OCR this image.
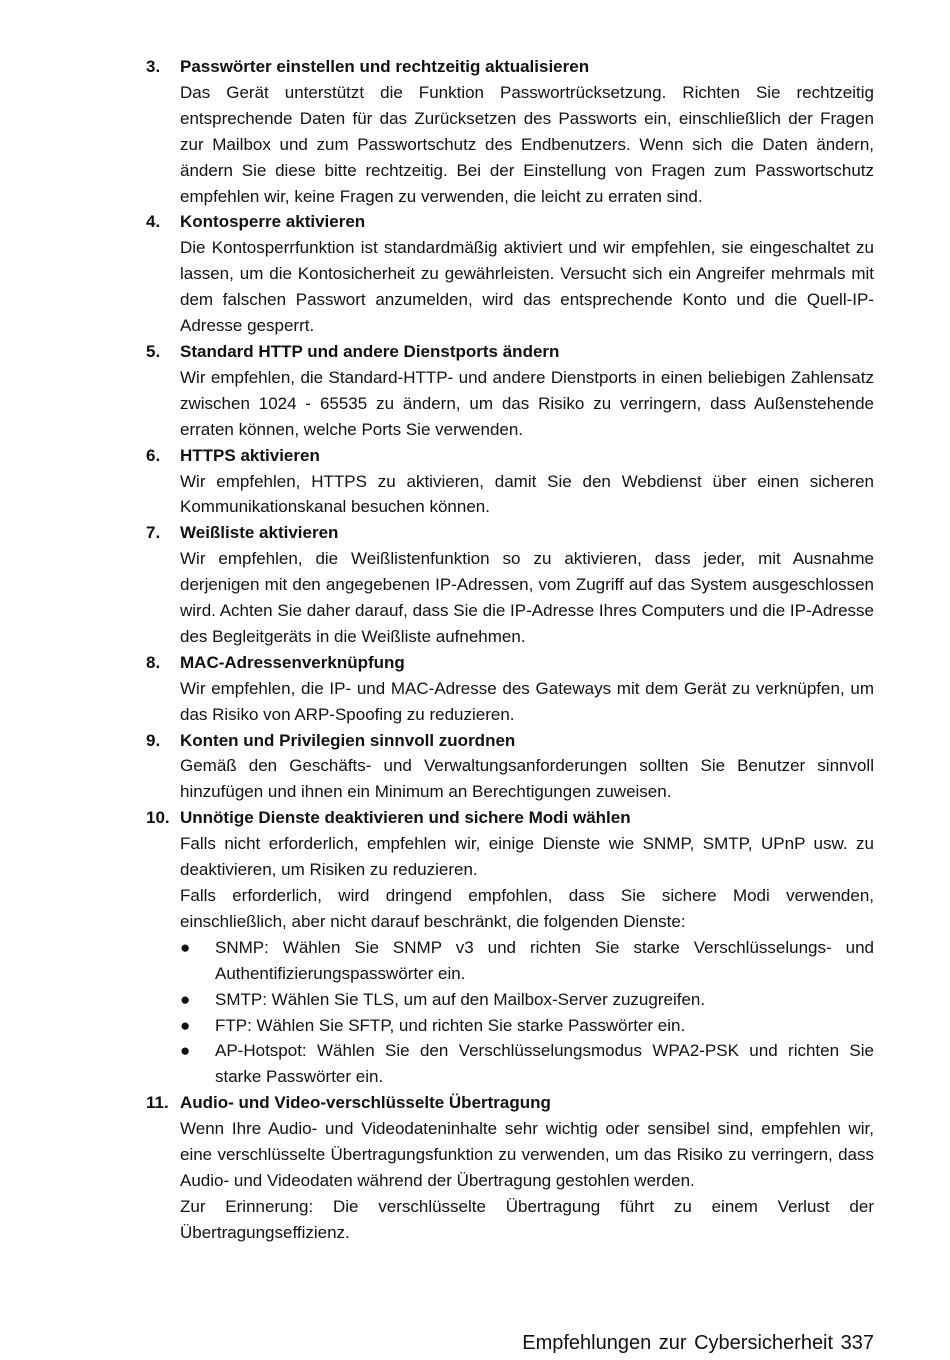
3. Passwörter einstellen und rechtzeitig aktualisieren

Das Gerät unterstützt die Funktion Passwortrücksetzung. Richten Sie rechtzeitig entsprechende Daten für das Zurücksetzen des Passworts ein, einschließlich der Fragen zur Mailbox und zum Passwortschutz des Endbenutzers. Wenn sich die Daten ändern, ändern Sie diese bitte rechtzeitig. Bei der Einstellung von Fragen zum Passwortschutz empfehlen wir, keine Fragen zu verwenden, die leicht zu erraten sind.

4. Kontosperre aktivieren

Die Kontosperrfunktion ist standardmäßig aktiviert und wir empfehlen, sie eingeschaltet zu lassen, um die Kontosicherheit zu gewährleisten. Versucht sich ein Angreifer mehrmals mit dem falschen Passwort anzumelden, wird das entsprechende Konto und die Quell-IP-Adresse gesperrt.

5. Standard HTTP und andere Dienstports ändern

Wir empfehlen, die Standard-HTTP- und andere Dienstports in einen beliebigen Zahlensatz zwischen 1024 - 65535 zu ändern, um das Risiko zu verringern, dass Außenstehende erraten können, welche Ports Sie verwenden.

6. HTTPS aktivieren

Wir empfehlen, HTTPS zu aktivieren, damit Sie den Webdienst über einen sicheren Kommunikationskanal besuchen können.

7. Weißliste aktivieren

Wir empfehlen, die Weißlistenfunktion so zu aktivieren, dass jeder, mit Ausnahme derjenigen mit den angegebenen IP-Adressen, vom Zugriff auf das System ausgeschlossen wird. Achten Sie daher darauf, dass Sie die IP-Adresse Ihres Computers und die IP-Adresse des Begleitgeräts in die Weißliste aufnehmen.

8. MAC-Adressenverknüpfung

Wir empfehlen, die IP- und MAC-Adresse des Gateways mit dem Gerät zu verknüpfen, um das Risiko von ARP-Spoofing zu reduzieren.

9. Konten und Privilegien sinnvoll zuordnen

Gemäß den Geschäfts- und Verwaltungsanforderungen sollten Sie Benutzer sinnvoll hinzufügen und ihnen ein Minimum an Berechtigungen zuweisen.

10. Unnötige Dienste deaktivieren und sichere Modi wählen

Falls nicht erforderlich, empfehlen wir, einige Dienste wie SNMP, SMTP, UPnP usw. zu deaktivieren, um Risiken zu reduzieren.

Falls erforderlich, wird dringend empfohlen, dass Sie sichere Modi verwenden, einschließlich, aber nicht darauf beschränkt, die folgenden Dienste:

● SNMP: Wählen Sie SNMP v3 und richten Sie starke Verschlüsselungs- und Authentifizierungspasswörter ein.
● SMTP: Wählen Sie TLS, um auf den Mailbox-Server zuzugreifen.
● FTP: Wählen Sie SFTP, und richten Sie starke Passwörter ein.
● AP-Hotspot: Wählen Sie den Verschlüsselungsmodus WPA2-PSK und richten Sie starke Passwörter ein.
11. Audio- und Video-verschlüsselte Übertragung

Wenn Ihre Audio- und Videodateninhalte sehr wichtig oder sensibel sind, empfehlen wir, eine verschlüsselte Übertragungsfunktion zu verwenden, um das Risiko zu verringern, dass Audio- und Videodaten während der Übertragung gestohlen werden.

Zur Erinnerung: Die verschlüsselte Übertragung führt zu einem Verlust der Übertragungseffizienz.

Empfehlungen zur Cybersicherheit 337
